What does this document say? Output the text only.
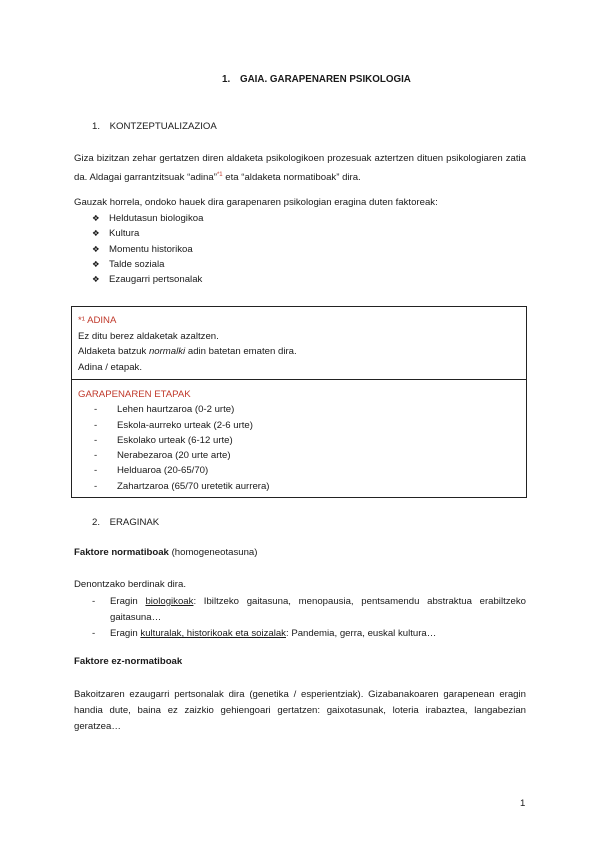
1. GAIA. GARAPENAREN PSIKOLOGIA
1. KONTZEPTUALIZAZIOA
Giza bizitzan zehar gertatzen diren aldaketa psikologikoen prozesuak aztertzen dituen psikologiaren zatia da. Aldagai garrantzitsuak “adina”$^{*1}$ eta “aldaketa normatiboak” dira.
Gauzak horrela, ondoko hauek dira garapenaren psikologian eragina duten faktoreak:
❖ Heldutasun biologikoa
❖ Kultura
❖ Momentu historikoa
❖ Talde soziala
❖ Ezaugarri pertsonalak
*¹ ADINA
Ez ditu berez aldaketak azaltzen.
Aldaketa batzuk normalki adin batetan ematen dira.
Adina / etapak.
GARAPENAREN ETAPAK
- Lehen haurtzaroa (0-2 urte)
- Eskola-aurreko urteak (2-6 urte)
- Eskolako urteak (6-12 urte)
- Nerabezaroa (20 urte arte)
- Helduaroa (20-65/70)
- Zahartzaroa (65/70 uretetik aurrera)
2. ERAGINAK
Faktore normatiboak (homogeneotasuna)
Denontzako berdinak dira.
- Eragin biologikoak: Ibiltzeko gaitasuna, menopausia, pentsamendu abstraktua erabiltzeko gaitasuna…
- Eragin kulturalak, historikoak eta soizalak: Pandemia, gerra, euskal kultura…
Faktore ez-normatiboak
Bakoitzaren ezaugarri pertsonalak dira (genetika / esperientziak). Gizabanakoaren garapenean eragin handia dute, baina ez zaizkio gehiengoari gertatzen: gaixotasunak, loteria irabaztea, langabezian geratzea…
1
